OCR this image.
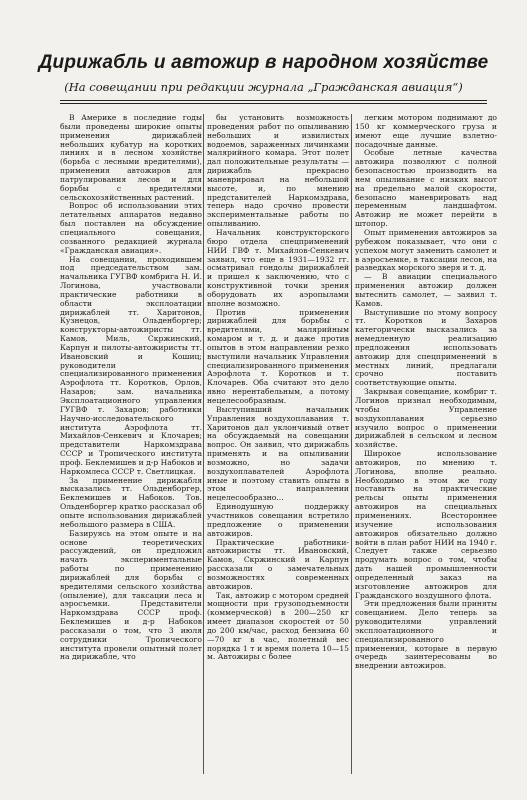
Дирижабль и автожир в народном хозяйстве
(На совещании при редакции журнала „Гражданская авиация“)

В Америке в последние годы были проведены широкие опыты применения дирижаблей небольших кубатур на коротких линиях и в лесном хозяйстве (борьба с лесными вредителями), применения автожиров для патрулирования лесов и для борьбы с вредителями сельскохозяйственных растений.

Вопрос об использовании этих летательных аппаратов недавно был поставлен на обсуждение специального совещания, созванного редакцией журнала «Гражданская авиация».

На совещании, проходившем под председательством зам. начальника ГУГВФ комбрига Н. И. Логинова, участвовали практические работники в области эксплоатации дирижаблей тт. Харитонов, Кузнецов, Ольденборгер; конструкторы-автожиристы тт. Камов, Миль, Скржинский, Карпун и пилоты-автожиристы тт. Ивановский и Кошиц; руководители специализированного применения Аэрофлота тт. Коротков, Орлов, Назаров; зам. начальника Эксплоатационного управления ГУГВФ т. Захаров; работники Научно-исследовательского института Аэрофлота тт. Михайлов-Сенкевич и Клочарев; представители Наркомздрава СССР и Тропического института проф. Беклемишев и д-р Набоков и Наркомлеса СССР т. Светлицкая.

За применение дирижабля высказались тт. Ольденборгер, Беклемишев и Набоков. Тов. Ольденборгер кратко рассказал об опыте использования дирижаблей небольшого размера в США.

Базируясь на этом опыте и на основе теоретических рассуждений, он предложил начать экспериментальные работы по применению дирижаблей для борьбы с вредителями сельского хозяйства (опыление), для таксации леса и аэросъемки. Представители Наркомздрава СССР проф. Беклемишев и д-р Набоков рассказали о том, что 3 июля сотрудники Тропического института провели опытный полет на дирижабле, что

бы установить возможность проведения работ по опыливанию небольших и извилистых водоемов, зараженных личинками малярийного комара. Этот полет дал положительные результаты — дирижабль прекрасно маневрировал на небольшой высоте, и, по мнению представителей Наркомздрава, теперь надо срочно провести экспериментальные работы по опыливанию.

Начальник конструкторского бюро отдела спецприменений НИИ ГВФ т. Михайлов-Сенкевич заявил, что еще в 1931—1932 гг. осматривал гондолы дирижаблей и пришел к заключению, что с конструктивной точки зрения оборудовать их аэропылами вполне возможно.

Против применения дирижаблей для борьбы с вредителями, малярийным комаром и т. д. и даже против опытов в этом направлении резко выступили начальник Управления специализированного применения Аэрофлота т. Коротков и т. Клочарев. Оба считают это дело явно нерентабельным, а потому нецелесообразным.

Выступивший начальник Управления воздухоплавания т. Харитонов дал уклончивый ответ на обсуждаемый на совещании вопрос. Он заявил, что дирижабль применять и на опыливании возможно, но задачи воздухоплавателей Аэрофлота иные и поэтому ставить опыты в этом направлении нецелесообразно...

Единодушную поддержку участников совещания встретило предложение о применении автожиров.

Практические работники-автожиристы тт. Ивановский, Камов, Скржинский и Карпун рассказали о замечательных возможностях современных автожиров.

Так, автожир с мотором средней мощности при грузоподъемности (коммерческой) в 200—250 кг имеет диапазон скоростей от 50 до 200 км/час, расход бензина 60—70 кг в час, полетный вес порядка 1 т и время полета 10—15 м. Автожиры с более

легким мотором поднимают до 150 кг коммерческого груза и имеют еще лучшие взлетно-посадочные данные.

Особые летные качества автожира позволяют с полной безопасностью производить на нем опыливание с низких высот на предельно малой скорости, безопасно маневрировать над переменным ландшафтом. Автожир не может перейти в штопор.

Опыт применения автожиров за рубежом показывает, что они с успехом могут заменить самолет и в аэросъемке, в таксации лесов, на разведках морского зверя и т. д.

— В авиации специального применения автожир должен вытеснить самолет, — заявил т. Камов.

Выступившие по этому вопросу тт. Коротков и Захаров категорически высказались за немедленную реализацию предложения использовать автожир для спецприменений в местных линий, предлагали срочно поставить соответствующие опыты.

Закрывая совещание, комбриг т. Логинов признал необходимым, чтобы Управление воздухоплавания серьезно изучило вопрос о применении дирижаблей в сельском и лесном хозяйстве.

Широкое использование автожиров, по мнению т. Логинова, вполне реально. Необходимо в этом же году поставить на практические рельсы опыты применения автожиров на специальных применениях. Всестороннее изучение использования автожиров обязательно должно войти в план работ НИИ на 1940 г. Следует также серьезно продумать вопрос о том, чтобы дать нашей промышленности определенный заказ на изготовление автожиров для Гражданского воздушного флота.

Эти предложения были приняты совещанием. Дело теперь за руководителями управлений эксплоатационного и специализированного применения, которые в первую очередь заинтересованы во внедрении автожиров.
